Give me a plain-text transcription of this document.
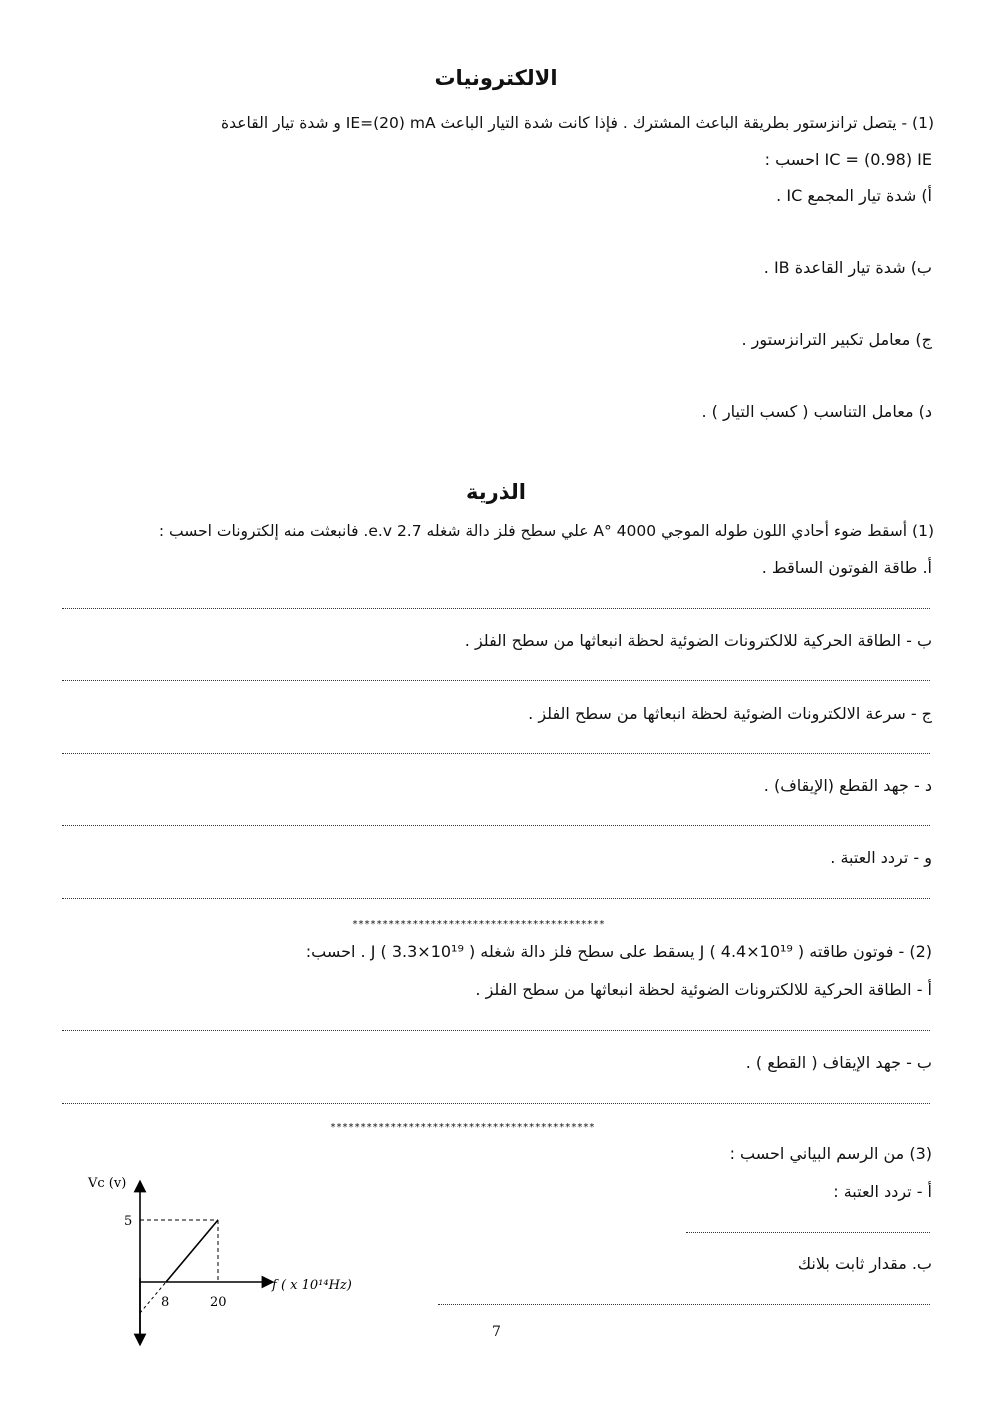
الالكترونيات
(1) - يتصل ترانزستور بطريقة الباعث المشترك . فإذا كانت شدة التيار الباعث IE=(20) mA و شدة تيار القاعدة
IC = (0.98) IE احسب :
أ) شدة تيار المجمع IC .
ب) شدة تيار القاعدة IB .
ج) معامل تكبير الترانزستور .
د) معامل التناسب ( كسب التيار ) .
الذرية
(1) أسقط ضوء أحادي اللون طوله الموجي A° 4000 علي سطح فلز دالة شغله 2.7 e.v. فانبعثت منه إلكترونات احسب :
أ. طاقة الفوتون الساقط .
ب - الطاقة الحركية للالكترونات الضوئية لحظة انبعاثها من سطح الفلز .
ج - سرعة الالكترونات الضوئية لحظة انبعاثها من سطح الفلز .
د - جهد القطع (الإيقاف) .
و - تردد العتبة .
******************************************
(2) - فوتون طاقته J ( 4.4×10¹⁹ ) يسقط على سطح فلز دالة شغله J ( 3.3×10¹⁹ ) . احسب:
أ - الطاقة الحركية للالكترونات الضوئية لحظة انبعاثها من سطح الفلز .
ب - جهد الإيقاف ( القطع ) .
********************************************
(3) من الرسم البياني احسب :
أ - تردد العتبة :
ب. مقدار ثابت بلانك
Vc (v)
5
8	20
f ( x 10¹⁴Hz)
7
